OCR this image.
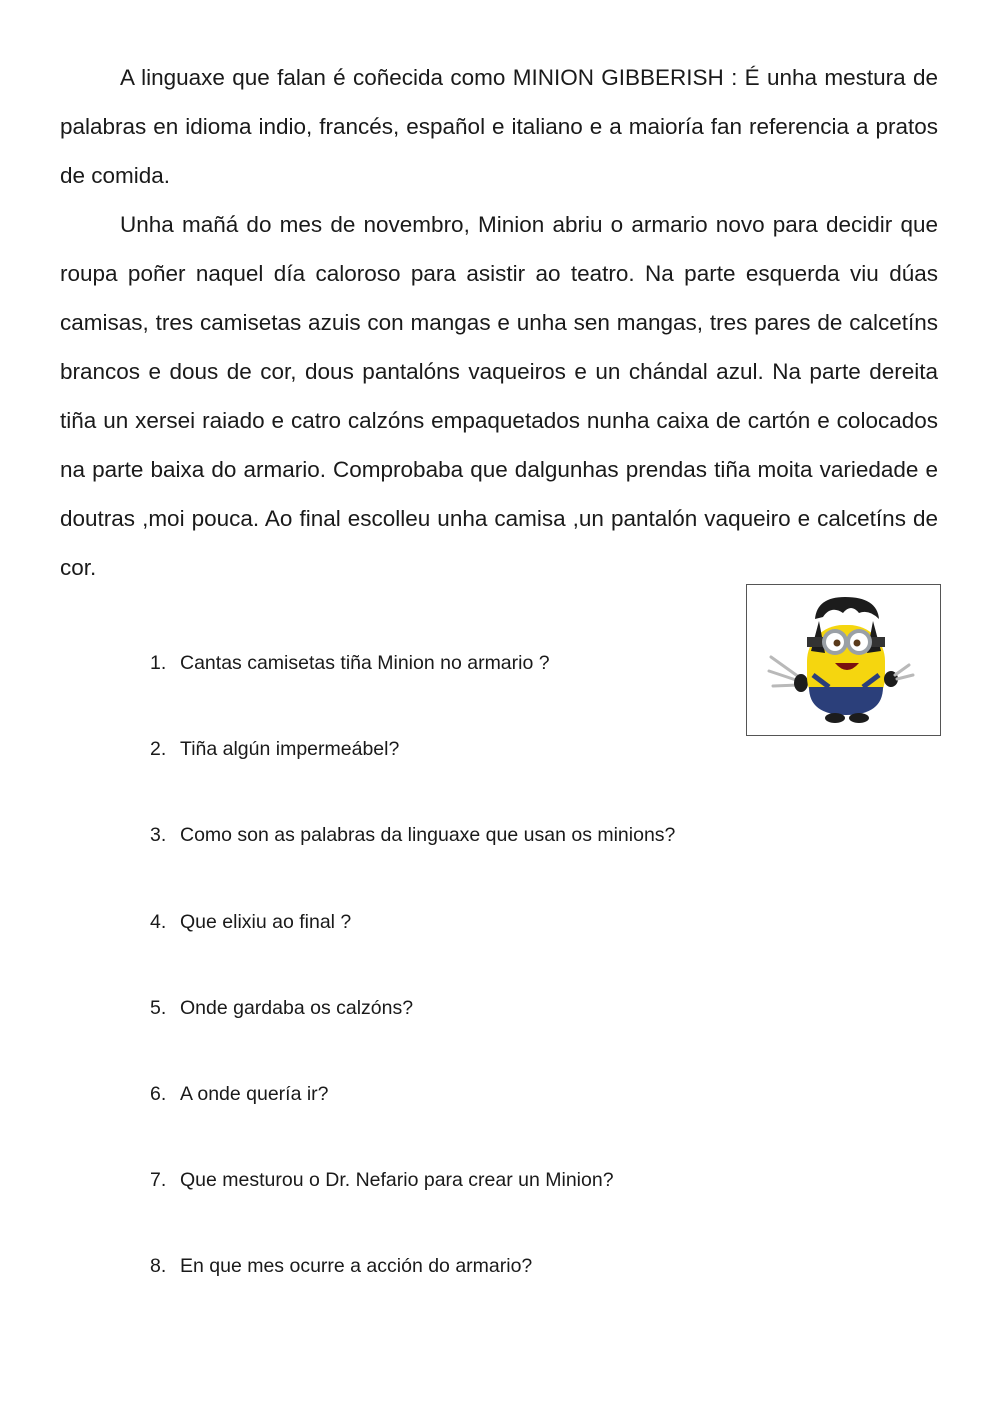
A linguaxe que falan é coñecida como MINION GIBBERISH : É unha mestura de palabras en idioma indio, francés, español e italiano e a maioría fan referencia a pratos de comida.

Unha mañá do mes de novembro, Minion abriu o armario novo para decidir que roupa poñer naquel día caloroso para asistir ao teatro. Na parte esquerda viu dúas camisas, tres camisetas azuis con mangas e unha sen mangas, tres pares de calcetíns brancos e dous de cor, dous pantalóns vaqueiros e un chándal azul. Na parte dereita tiña un xersei raiado e catro calzóns empaquetados nunha caixa de cartón e colocados na parte baixa do armario. Comprobaba que dalgunhas prendas tiña moita variedade e doutras ,moi pouca. Ao final escolleu unha camisa ,un pantalón vaqueiro e calcetíns de cor.

1. Cantas camisetas tiña Minion no armario ?
2. Tiña algún impermeábel?
3. Como son as palabras da linguaxe que usan os minions?
4. Que elixiu ao final ?
5. Onde gardaba os calzóns?
6. A onde quería ir?
7. Que mesturou o Dr. Nefario para crear un Minion?
8. En que mes ocurre a acción do armario?
